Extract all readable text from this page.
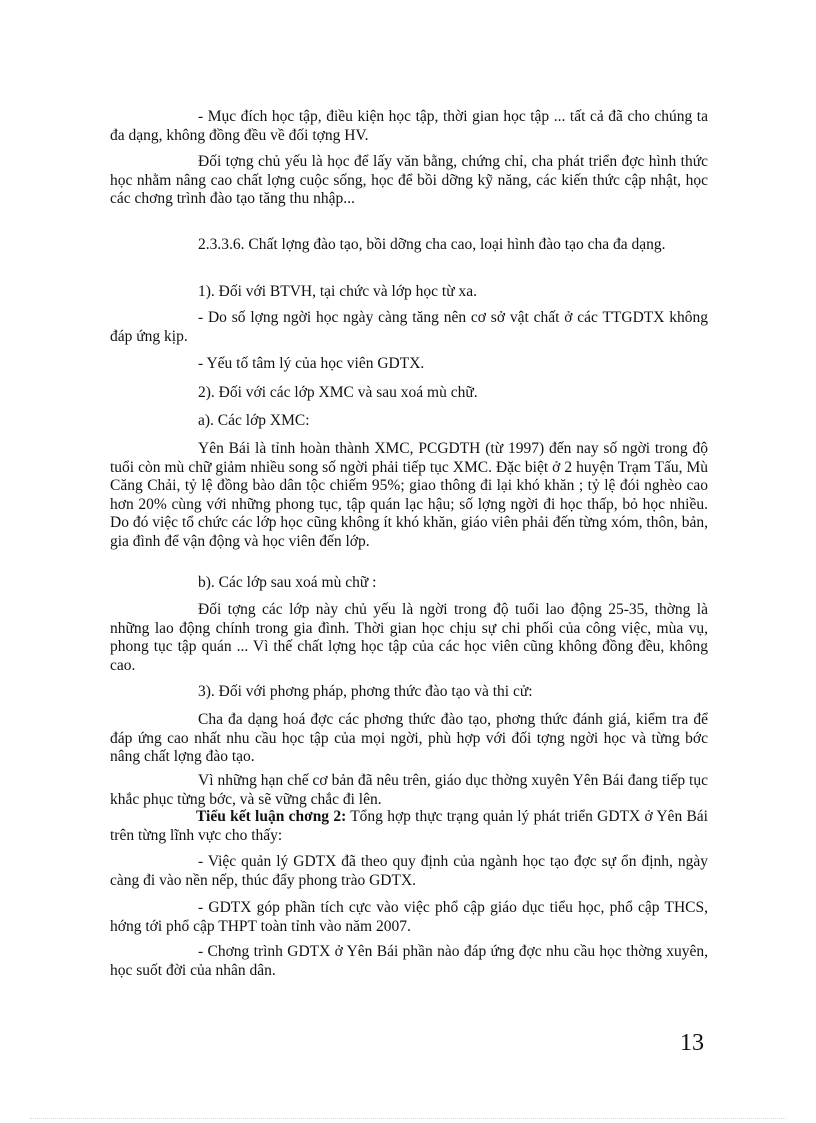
- Mục đích học tập, điều kiện học tập, thời gian học tập ... tất cả đã cho chúng ta đa dạng, không đồng đều về đối tợng HV.

Đối tợng chủ yếu là học để lấy văn bằng, chứng chỉ, cha phát triển đợc hình thức học nhằm nâng cao chất lợng cuộc sống, học để bồi dỡng kỹ năng, các kiến thức cập nhật, học các chơng trình đào tạo tăng thu nhập...

2.3.3.6. Chất lợng đào tạo, bồi dỡng cha cao, loại hình đào tạo cha đa dạng.

1). Đối với BTVH, tại chức và lớp học từ xa.

- Do số lợng ngời học ngày càng tăng nên cơ sở vật chất ở các TTGDTX không đáp ứng kịp.

- Yếu tố tâm lý của học viên GDTX.

2). Đối với các lớp XMC và sau xoá mù chữ.

a). Các lớp XMC:

Yên Bái là tỉnh hoàn thành XMC, PCGDTH (từ 1997) đến nay số ngời trong độ tuổi còn mù chữ giảm nhiều song số ngời phải tiếp tục XMC. Đặc biệt ở 2 huyện Trạm Tấu, Mù Căng Chải, tỷ lệ đồng bào dân tộc chiếm 95%; giao thông đi lại khó khăn ; tỷ lệ đói nghèo cao hơn 20% cùng với những phong tục, tập quán lạc hậu; số lợng ngời đi học thấp, bỏ học nhiều. Do đó việc tổ chức các lớp học cũng không ít khó khăn, giáo viên phải đến từng xóm, thôn, bản, gia đình để vận động và học viên đến lớp.

b). Các lớp sau xoá mù chữ :

Đối tợng các lớp này chủ yếu là ngời trong độ tuổi lao động 25-35, thờng là những lao động chính trong gia đình. Thời gian học chịu sự chi phối của công việc, mùa vụ, phong tục tập quán ... Vì thế chất lợng học tập của các học viên cũng không đồng đều, không cao.

3). Đối với phơng pháp, phơng thức đào tạo và thi cử:

Cha đa dạng hoá đợc các phơng thức đào tạo, phơng thức đánh giá, kiểm tra để đáp ứng cao nhất nhu cầu học tập của mọi ngời, phù hợp với đối tợng ngời học và từng bớc nâng chất lợng đào tạo.

Vì những hạn chế cơ bản đã nêu trên, giáo dục thờng xuyên Yên Bái đang tiếp tục khắc phục từng bớc, và sẽ vững chắc đi lên.

Tiểu kết luận chơng 2: Tổng hợp thực trạng quản lý phát triển GDTX ở Yên Bái trên từng lĩnh vực cho thấy:

- Việc quản lý GDTX đã theo quy định của ngành học tạo đợc sự ổn định, ngày càng đi vào nền nếp, thúc đẩy phong trào GDTX.

- GDTX góp phần tích cực vào việc phổ cập giáo dục tiểu học, phổ cập THCS, hớng tới phổ cập THPT toàn tỉnh vào năm 2007.

- Chơng trình GDTX ở Yên Bái phần nào đáp ứng đợc nhu cầu học thờng xuyên, học suốt đời của nhân dân.

13
